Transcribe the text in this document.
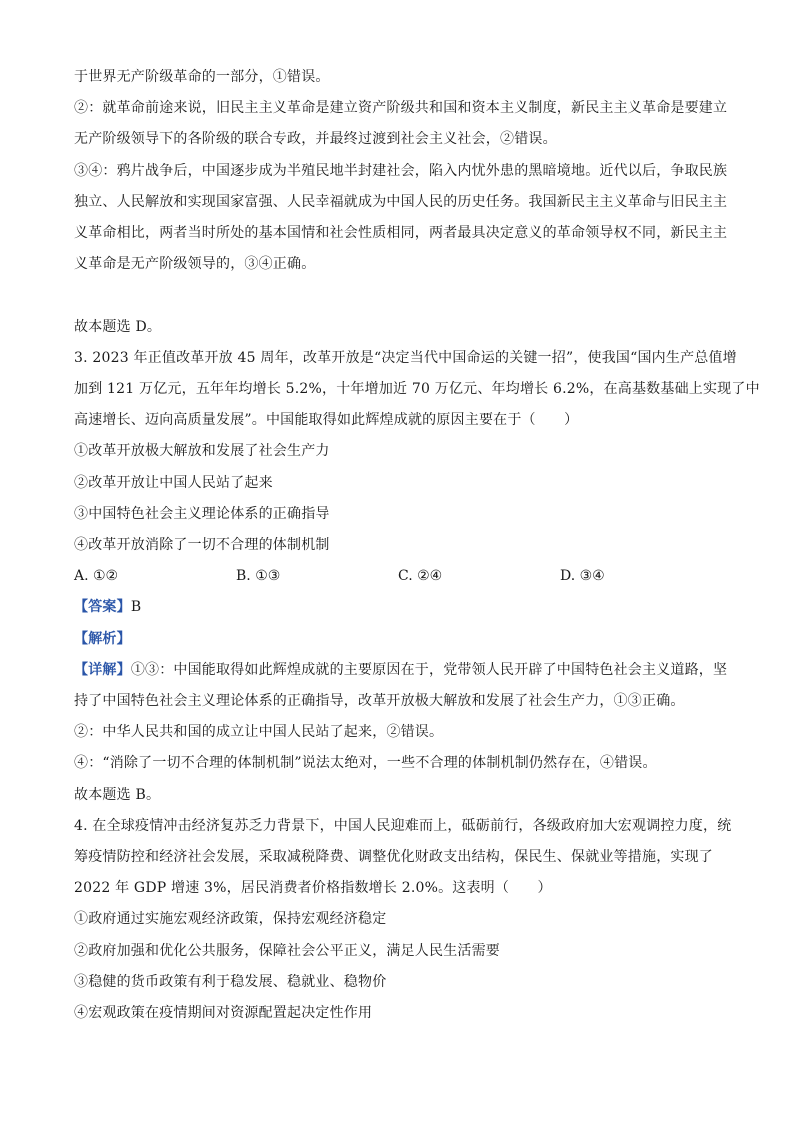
于世界无产阶级革命的一部分，①错误。
②：就革命前途来说，旧民主主义革命是建立资产阶级共和国和资本主义制度，新民主主义革命是要建立
无产阶级领导下的各阶级的联合专政，并最终过渡到社会主义社会，②错误。
③④：鸦片战争后，中国逐步成为半殖民地半封建社会，陷入内忧外患的黑暗境地。近代以后，争取民族
独立、人民解放和实现国家富强、人民幸福就成为中国人民的历史任务。我国新民主主义革命与旧民主主
义革命相比，两者当时所处的基本国情和社会性质相同，两者最具决定意义的革命领导权不同，新民主主
义革命是无产阶级领导的，③④正确。
故本题选 D。
3. 2023 年正值改革开放 45 周年，改革开放是“决定当代中国命运的关键一招”，使我国“国内生产总值增
加到 121 万亿元，五年年均增长 5.2%，十年增加近 70 万亿元、年均增长 6.2%，在高基数基础上实现了中
高速增长、迈向高质量发展”。中国能取得如此辉煌成就的原因主要在于（　　）
①改革开放极大解放和发展了社会生产力
②改革开放让中国人民站了起来
③中国特色社会主义理论体系的正确指导
④改革开放消除了一切不合理的体制机制
A. ①②	B. ①③	C. ②④	D. ③④
【答案】B
【解析】
【详解】①③：中国能取得如此辉煌成就的主要原因在于，党带领人民开辟了中国特色社会主义道路，坚
持了中国特色社会主义理论体系的正确指导，改革开放极大解放和发展了社会生产力，①③正确。
②：中华人民共和国的成立让中国人民站了起来，②错误。
④：“消除了一切不合理的体制机制”说法太绝对，一些不合理的体制机制仍然存在，④错误。
故本题选 B。
4. 在全球疫情冲击经济复苏乏力背景下，中国人民迎难而上，砥砺前行，各级政府加大宏观调控力度，统
筹疫情防控和经济社会发展，采取减税降费、调整优化财政支出结构，保民生、保就业等措施，实现了
2022 年 GDP 增速 3%，居民消费者价格指数增长 2.0%。这表明（　　）
①政府通过实施宏观经济政策，保持宏观经济稳定
②政府加强和优化公共服务，保障社会公平正义，满足人民生活需要
③稳健的货币政策有利于稳发展、稳就业、稳物价
④宏观政策在疫情期间对资源配置起决定性作用
